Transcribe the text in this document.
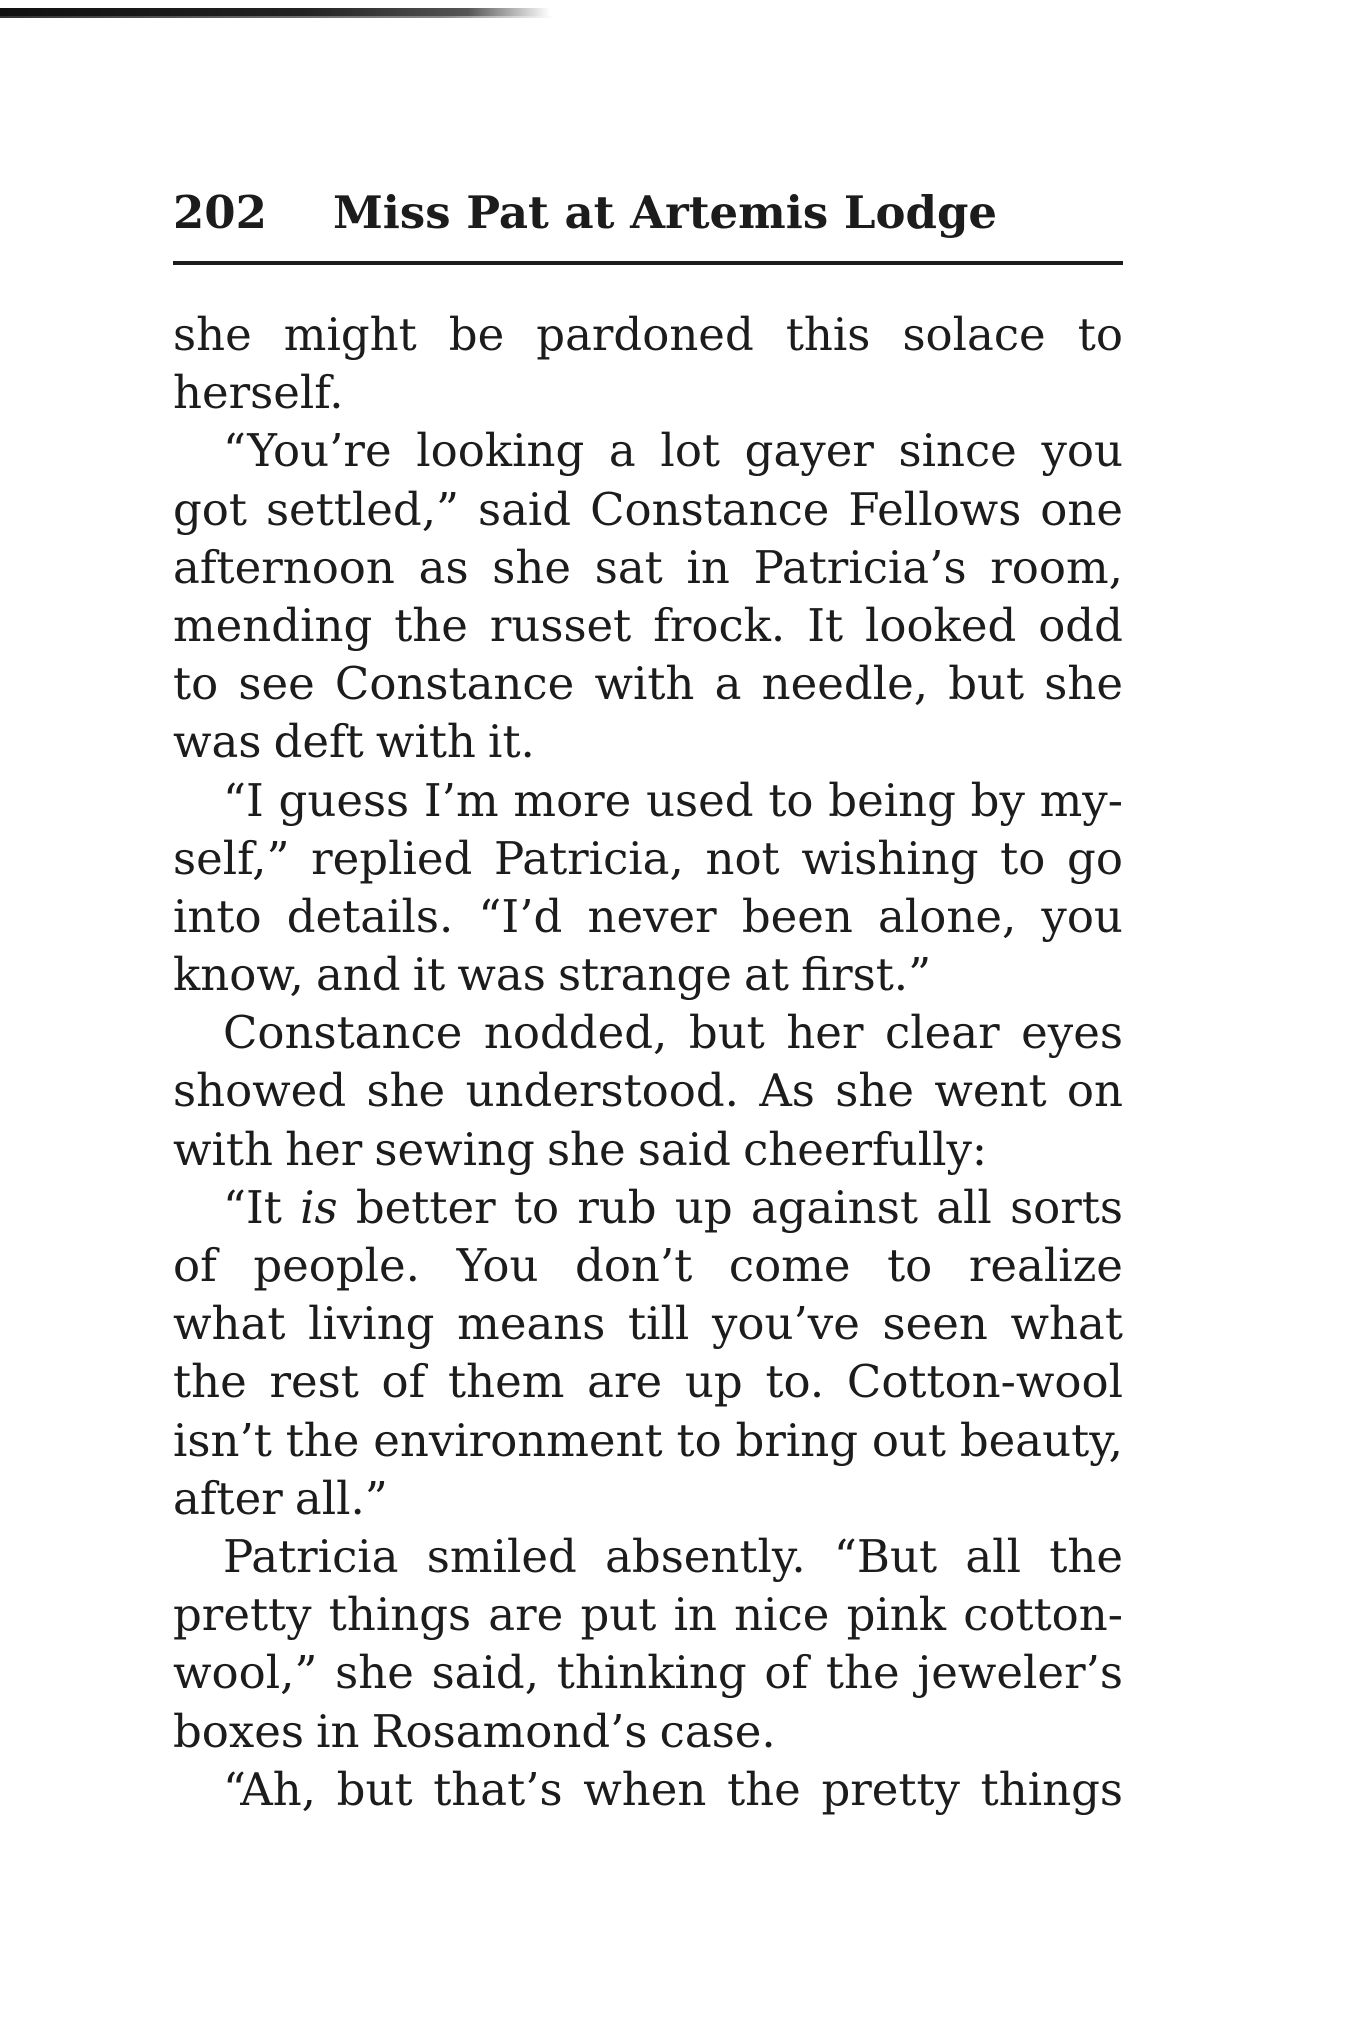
202 Miss Pat at Artemis Lodge
she might be pardoned this solace to
herself.
“You’re looking a lot gayer since you
got settled,” said Constance Fellows one
afternoon as she sat in Patricia’s room,
mending the russet frock. It looked odd
to see Constance with a needle, but she
was deft with it.
“I guess I’m more used to being by my-
self,” replied Patricia, not wishing to go
into details. “I’d never been alone, you
know, and it was strange at first.”
Constance nodded, but her clear eyes
showed she understood. As she went on
with her sewing she said cheerfully:
“It is better to rub up against all sorts
of people. You don’t come to realize
what living means till you’ve seen what
the rest of them are up to. Cotton-wool
isn’t the environment to bring out beauty,
after all.”
Patricia smiled absently. “But all the
pretty things are put in nice pink cotton-
wool,” she said, thinking of the jeweler’s
boxes in Rosamond’s case.
“Ah, but that’s when the pretty things
